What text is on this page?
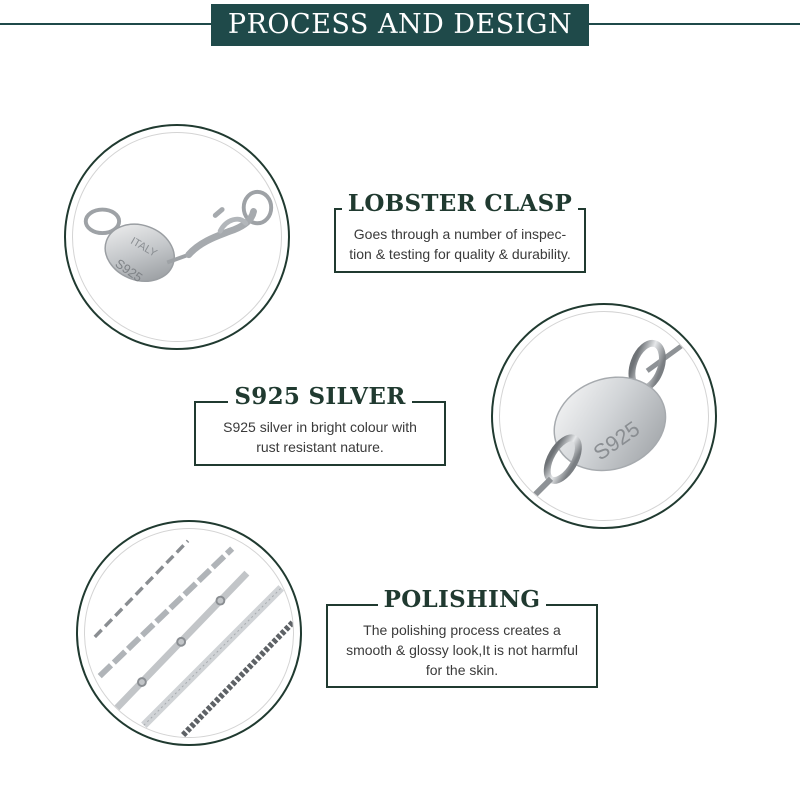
PROCESS AND DESIGN
ITALY
S925
LOBSTER CLASP
Goes through a number of inspec-
tion & testing for quality & durability.
S925
S925 SILVER
S925 silver in bright colour with
rust resistant nature.
POLISHING
The polishing process creates a
smooth & glossy look,It is not harmful
for the skin.
